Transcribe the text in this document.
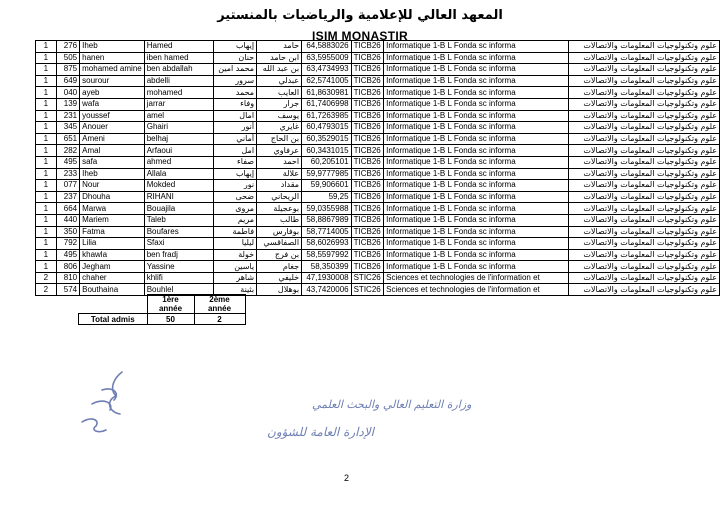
المعهد العالي للإعلامية والرياضيات بالمنستير
ISIM MONASTIR
1	276	Iheb	Hamed	إيهاب	حامد	64,5883026	TICB26	Informatique 1-B L Fonda sc informa	علوم وتكنولوجيات المعلومات والاتصالات
1	505	hanen	iben hamed	حنان	ابن حامد	63,5955009	TICB26	Informatique 1-B L Fonda sc informa	علوم وتكنولوجيات المعلومات والاتصالات
1	875	mohamed amine	ben abdallah	محمد امين	بن عبد الله	63,4734993	TICB26	Informatique 1-B L Fonda sc informa	علوم وتكنولوجيات المعلومات والاتصالات
1	649	sourour	abdelli	سرور	عبدلي	62,5741005	TICB26	Informatique 1-B L Fonda sc informa	علوم وتكنولوجيات المعلومات والاتصالات
1	040	ayeb	mohamed	محمد	العايب	61,8630981	TICB26	Informatique 1-B L Fonda sc informa	علوم وتكنولوجيات المعلومات والاتصالات
1	139	wafa	jarrar	وفاء	جرار	61,7406998	TICB26	Informatique 1-B L Fonda sc informa	علوم وتكنولوجيات المعلومات والاتصالات
1	231	youssef	amel	امال	يوسف	61,7263985	TICB26	Informatique 1-B L Fonda sc informa	علوم وتكنولوجيات المعلومات والاتصالات
1	345	Anouer	Ghairi	أنور	غايري	60,4793015	TICB26	Informatique 1-B L Fonda sc informa	علوم وتكنولوجيات المعلومات والاتصالات
1	651	Ameni	belhaj	أماني	بن الحاج	60,3529015	TICB26	Informatique 1-B L Fonda sc informa	علوم وتكنولوجيات المعلومات والاتصالات
1	282	Amal	Arfaoui	امل	عرفاوي	60,3431015	TICB26	Informatique 1-B L Fonda sc informa	علوم وتكنولوجيات المعلومات والاتصالات
1	495	safa	ahmed	صفاء	احمد	60,205101	TICB26	Informatique 1-B L Fonda sc informa	علوم وتكنولوجيات المعلومات والاتصالات
1	233	Iheb	Allala	إيهاب	علالة	59,9777985	TICB26	Informatique 1-B L Fonda sc informa	علوم وتكنولوجيات المعلومات والاتصالات
1	077	Nour	Mokded	نور	مقداد	59,906601	TICB26	Informatique 1-B L Fonda sc informa	علوم وتكنولوجيات المعلومات والاتصالات
1	237	Dhouha	RIHANI	ضحى	الريحاني	59,25	TICB26	Informatique 1-B L Fonda sc informa	علوم وتكنولوجيات المعلومات والاتصالات
1	664	Marwa	Bouajila	مروى	بوعجيلة	59,0355988	TICB26	Informatique 1-B L Fonda sc informa	علوم وتكنولوجيات المعلومات والاتصالات
1	440	Mariem	Taleb	مريم	طالب	58,8867989	TICB26	Informatique 1-B L Fonda sc informa	علوم وتكنولوجيات المعلومات والاتصالات
1	350	Fatma	Boufares	فاطمة	بوفارس	58,7714005	TICB26	Informatique 1-B L Fonda sc informa	علوم وتكنولوجيات المعلومات والاتصالات
1	792	Lilia	Sfaxi	ليليا	الصفاقسي	58,6026993	TICB26	Informatique 1-B L Fonda sc informa	علوم وتكنولوجيات المعلومات والاتصالات
1	495	khawla	ben fradj	خولة	بن فرج	58,5597992	TICB26	Informatique 1-B L Fonda sc informa	علوم وتكنولوجيات المعلومات والاتصالات
1	806	Jegham	Yassine	ياسين	جغام	58,350399	TICB26	Informatique 1-B L Fonda sc informa	علوم وتكنولوجيات المعلومات والاتصالات
2	810	chaher	khlifi	شاهر	خليفي	47,1930008	STIC26	Sciences et technologies de l'information et	علوم وتكنولوجيات المعلومات والاتصالات
2	574	Bouthaina	Bouhlel	بثينة	بوهلال	43,7420006	STIC26	Sciences et technologies de l'information et	علوم وتكنولوجيات المعلومات والاتصالات
	1ère année	2ème année
Total admis	50	2
وزارة التعليم العالي والبحث العلمي
الإدارة العامة للشؤون
2
